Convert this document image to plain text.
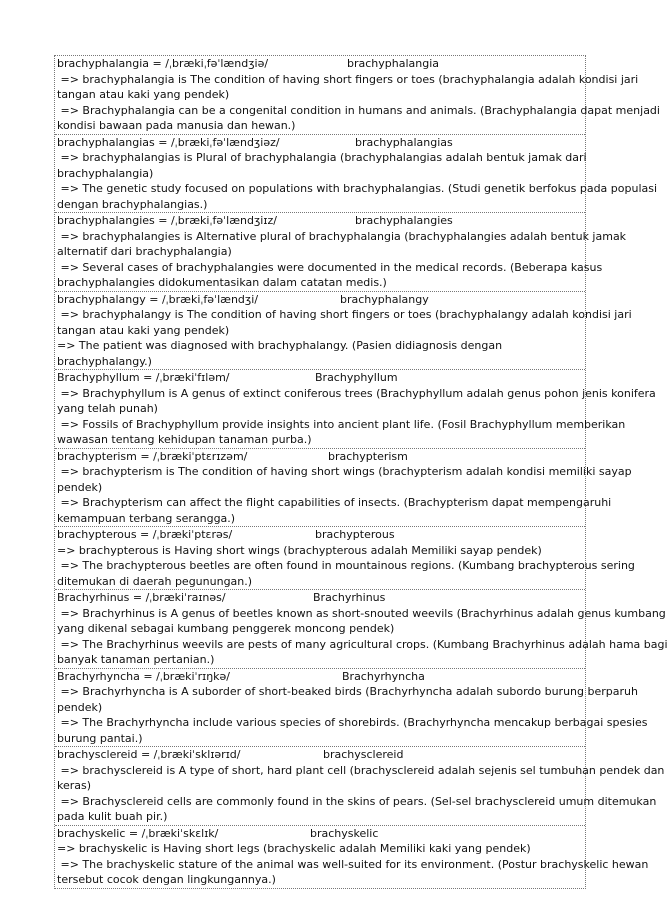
brachyphalangia = /ˌbrækiˌfəˈlændʒiə/	brachyphalangia
=> brachyphalangia is The condition of having short fingers or toes (brachyphalangia adalah kondisi jari
tangan atau kaki yang pendek)
=> Brachyphalangia can be a congenital condition in humans and animals. (Brachyphalangia dapat menjadi
kondisi bawaan pada manusia dan hewan.)
brachyphalangias = /ˌbrækiˌfəˈlændʒiəz/	brachyphalangias
=> brachyphalangias is Plural of brachyphalangia (brachyphalangias adalah bentuk jamak dari
brachyphalangia)
=> The genetic study focused on populations with brachyphalangias. (Studi genetik berfokus pada populasi
dengan brachyphalangias.)
brachyphalangies = /ˌbrækiˌfəˈlændʒiɪz/	brachyphalangies
=> brachyphalangies is Alternative plural of brachyphalangia (brachyphalangies adalah bentuk jamak
alternatif dari brachyphalangia)
=> Several cases of brachyphalangies were documented in the medical records. (Beberapa kasus
brachyphalangies didokumentasikan dalam catatan medis.)
brachyphalangy = /ˌbrækiˌfəˈlændʒi/	brachyphalangy
=> brachyphalangy is The condition of having short fingers or toes (brachyphalangy adalah kondisi jari
tangan atau kaki yang pendek)
=> The patient was diagnosed with brachyphalangy. (Pasien didiagnosis dengan brachyphalangy.)
Brachyphyllum = /ˌbrækiˈfɪləm/	Brachyphyllum
=> Brachyphyllum is A genus of extinct coniferous trees (Brachyphyllum adalah genus pohon jenis konifera
yang telah punah)
=> Fossils of Brachyphyllum provide insights into ancient plant life. (Fosil Brachyphyllum memberikan
wawasan tentang kehidupan tanaman purba.)
brachypterism = /ˌbrækiˈptɛrɪzəm/	brachypterism
=> brachypterism is The condition of having short wings (brachypterism adalah kondisi memiliki sayap
pendek)
=> Brachypterism can affect the flight capabilities of insects. (Brachypterism dapat mempengaruhi
kemampuan terbang serangga.)
brachypterous = /ˌbrækiˈptɛrəs/	brachypterous
=> brachypterous is Having short wings (brachypterous adalah Memiliki sayap pendek)
=> The brachypterous beetles are often found in mountainous regions. (Kumbang brachypterous sering
ditemukan di daerah pegunungan.)
Brachyrhinus = /ˌbrækiˈraɪnəs/	Brachyrhinus
=> Brachyrhinus is A genus of beetles known as short-snouted weevils (Brachyrhinus adalah genus kumbang
yang dikenal sebagai kumbang penggerek moncong pendek)
=> The Brachyrhinus weevils are pests of many agricultural crops. (Kumbang Brachyrhinus adalah hama bagi
banyak tanaman pertanian.)
Brachyrhyncha = /ˌbrækiˈrɪŋkə/	Brachyrhyncha
=> Brachyrhyncha is A suborder of short-beaked birds (Brachyrhyncha adalah subordo burung berparuh
pendek)
=> The Brachyrhyncha include various species of shorebirds. (Brachyrhyncha mencakup berbagai spesies
burung pantai.)
brachysclereid = /ˌbrækiˈsklɪərɪd/	brachysclereid
=> brachysclereid is A type of short, hard plant cell (brachysclereid adalah sejenis sel tumbuhan pendek dan
keras)
=> Brachysclereid cells are commonly found in the skins of pears. (Sel-sel brachysclereid umum ditemukan
pada kulit buah pir.)
brachyskelic = /ˌbrækiˈskɛlɪk/	brachyskelic
=> brachyskelic is Having short legs (brachyskelic adalah Memiliki kaki yang pendek)
=> The brachyskelic stature of the animal was well-suited for its environment. (Postur brachyskelic hewan
tersebut cocok dengan lingkungannya.)
